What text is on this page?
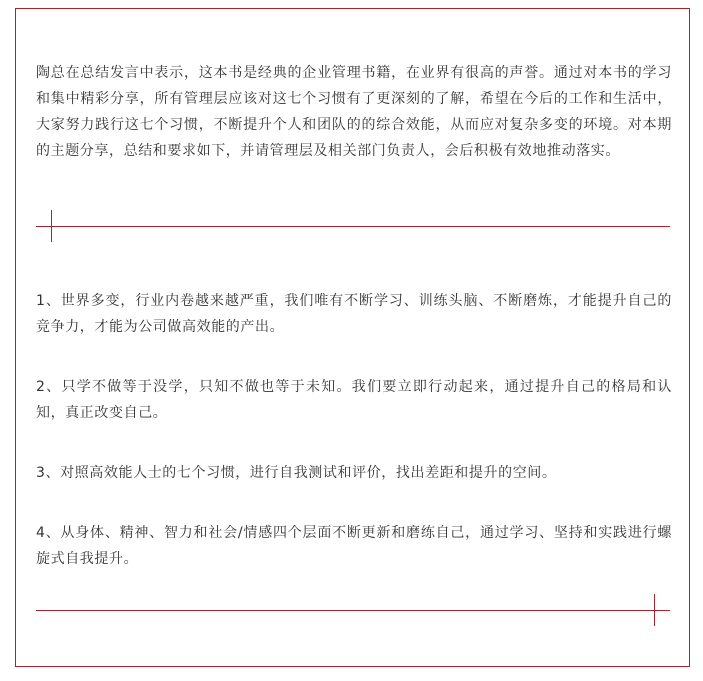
陶总在总结发言中表示，这本书是经典的企业管理书籍，在业界有很高的声誉。通过对本书的学习和集中精彩分享，所有管理层应该对这七个习惯有了更深刻的了解，希望在今后的工作和生活中，大家努力践行这七个习惯，不断提升个人和团队的的综合效能，从而应对复杂多变的环境。对本期的主题分享，总结和要求如下，并请管理层及相关部门负责人，会后积极有效地推动落实。

1、世界多变，行业内卷越来越严重，我们唯有不断学习、训练头脑、不断磨炼，才能提升自己的竞争力，才能为公司做高效能的产出。

2、只学不做等于没学，只知不做也等于未知。我们要立即行动起来，通过提升自己的格局和认知，真正改变自己。

3、对照高效能人士的七个习惯，进行自我测试和评价，找出差距和提升的空间。

4、从身体、精神、智力和社会/情感四个层面不断更新和磨练自己，通过学习、坚持和实践进行螺旋式自我提升。
